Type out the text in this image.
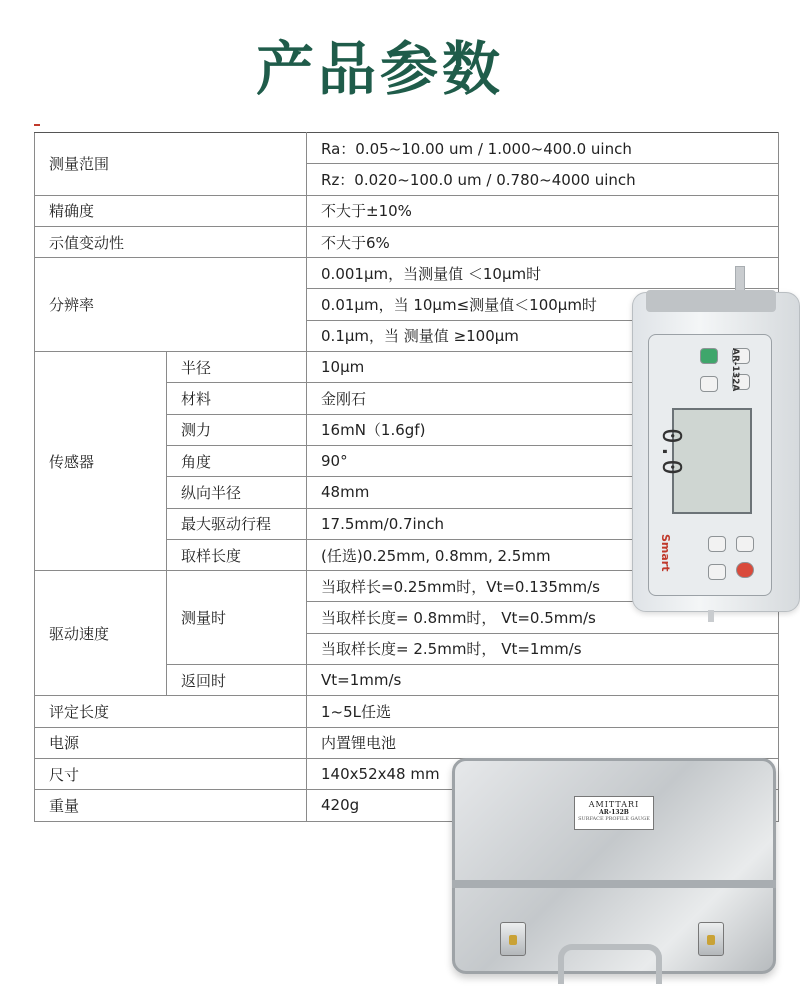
产品参数
测量范围		Ra：0.05~10.00 um / 1.000~400.0 uinch
		Rz：0.020~100.0 um / 0.780~4000 uinch
精确度		不大于±10%
示值变动性		不大于6%
分辨率		0.001μm，当测量值 ＜10μm时
		0.01μm，当 10μm≤测量值＜100μm时
		0.1μm，当 测量值 ≥100μm
传感器	半径	10μm
	材料	金刚石
	测力	16mN（1.6gf)
	角度	90°
	纵向半径	48mm
	最大驱动行程	17.5mm/0.7inch
	取样长度	(任选)0.25mm, 0.8mm, 2.5mm
驱动速度	测量时	当取样长=0.25mm时，Vt=0.135mm/s
		当取样长度= 0.8mm时， Vt=0.5mm/s
		当取样长度= 2.5mm时， Vt=1mm/s
	返回时	Vt=1mm/s
评定长度		1~5L任选
电源		内置锂电池
尺寸		140x52x48 mm
重量		420g
0.0
AR-132A
Smart
AMITTARI
AR-132B
SURFACE PROFILE GAUGE
